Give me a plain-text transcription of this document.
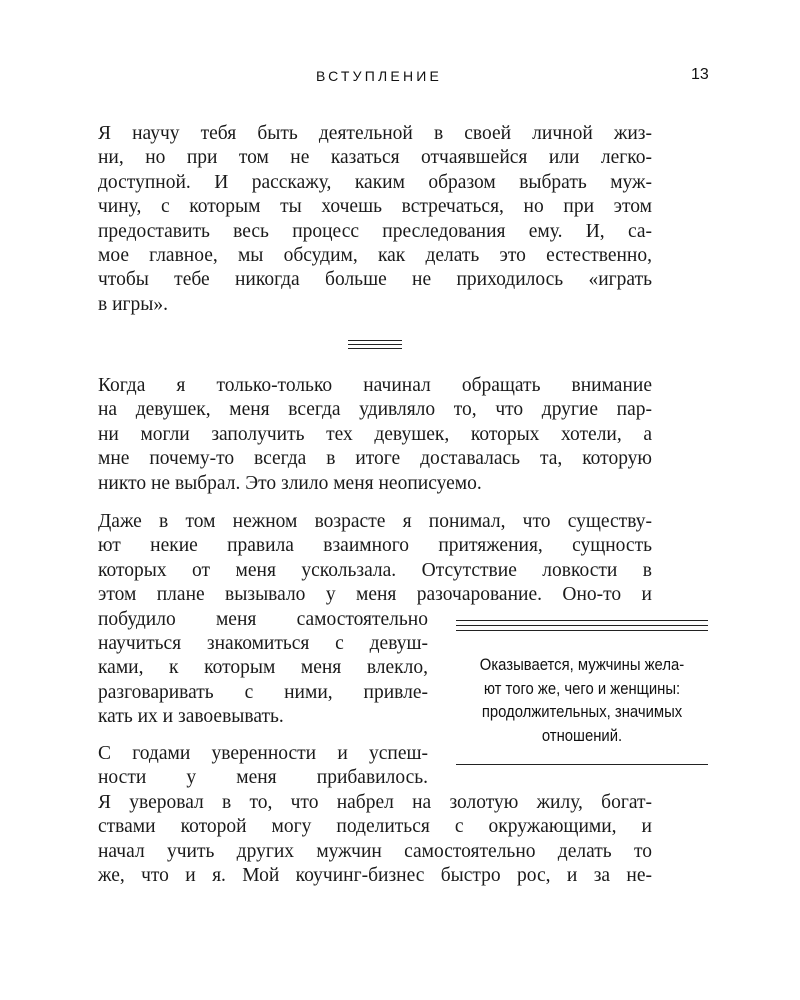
ВСТУПЛЕНИЕ	13
Я научу тебя быть деятельной в своей личной жиз-
ни, но при том не казаться отчаявшейся или легко-
доступной. И расскажу, каким образом выбрать муж-
чину, с которым ты хочешь встречаться, но при этом
предоставить весь процесс преследования ему. И, са-
мое главное, мы обсудим, как делать это естественно,
чтобы тебе никогда больше не приходилось «играть
в игры».
Когда я только-только начинал обращать внимание
на девушек, меня всегда удивляло то, что другие пар-
ни могли заполучить тех девушек, которых хотели, а
мне почему-то всегда в итоге доставалась та, которую
никто не выбрал. Это злило меня неописуемо.
Даже в том нежном возрасте я понимал, что существу-
ют некие правила взаимного притяжения, сущность
которых от меня ускользала. Отсутствие ловкости в
этом плане вызывало у меня разочарование. Оно-то и
побудило меня самостоятельно
научиться знакомиться с девуш-
ками, к которым меня влекло,
разговаривать с ними, привле-
кать их и завоевывать.
С годами уверенности и успеш-
ности у меня прибавилось.
Я уверовал в то, что набрел на золотую жилу, богат-
ствами которой могу поделиться с окружающими, и
начал учить других мужчин самостоятельно делать то
же, что и я. Мой коучинг-бизнес быстро рос, и за не-
Оказывается, мужчины жела-
ют того же, чего и женщины:
продолжительных, значимых
отношений.
